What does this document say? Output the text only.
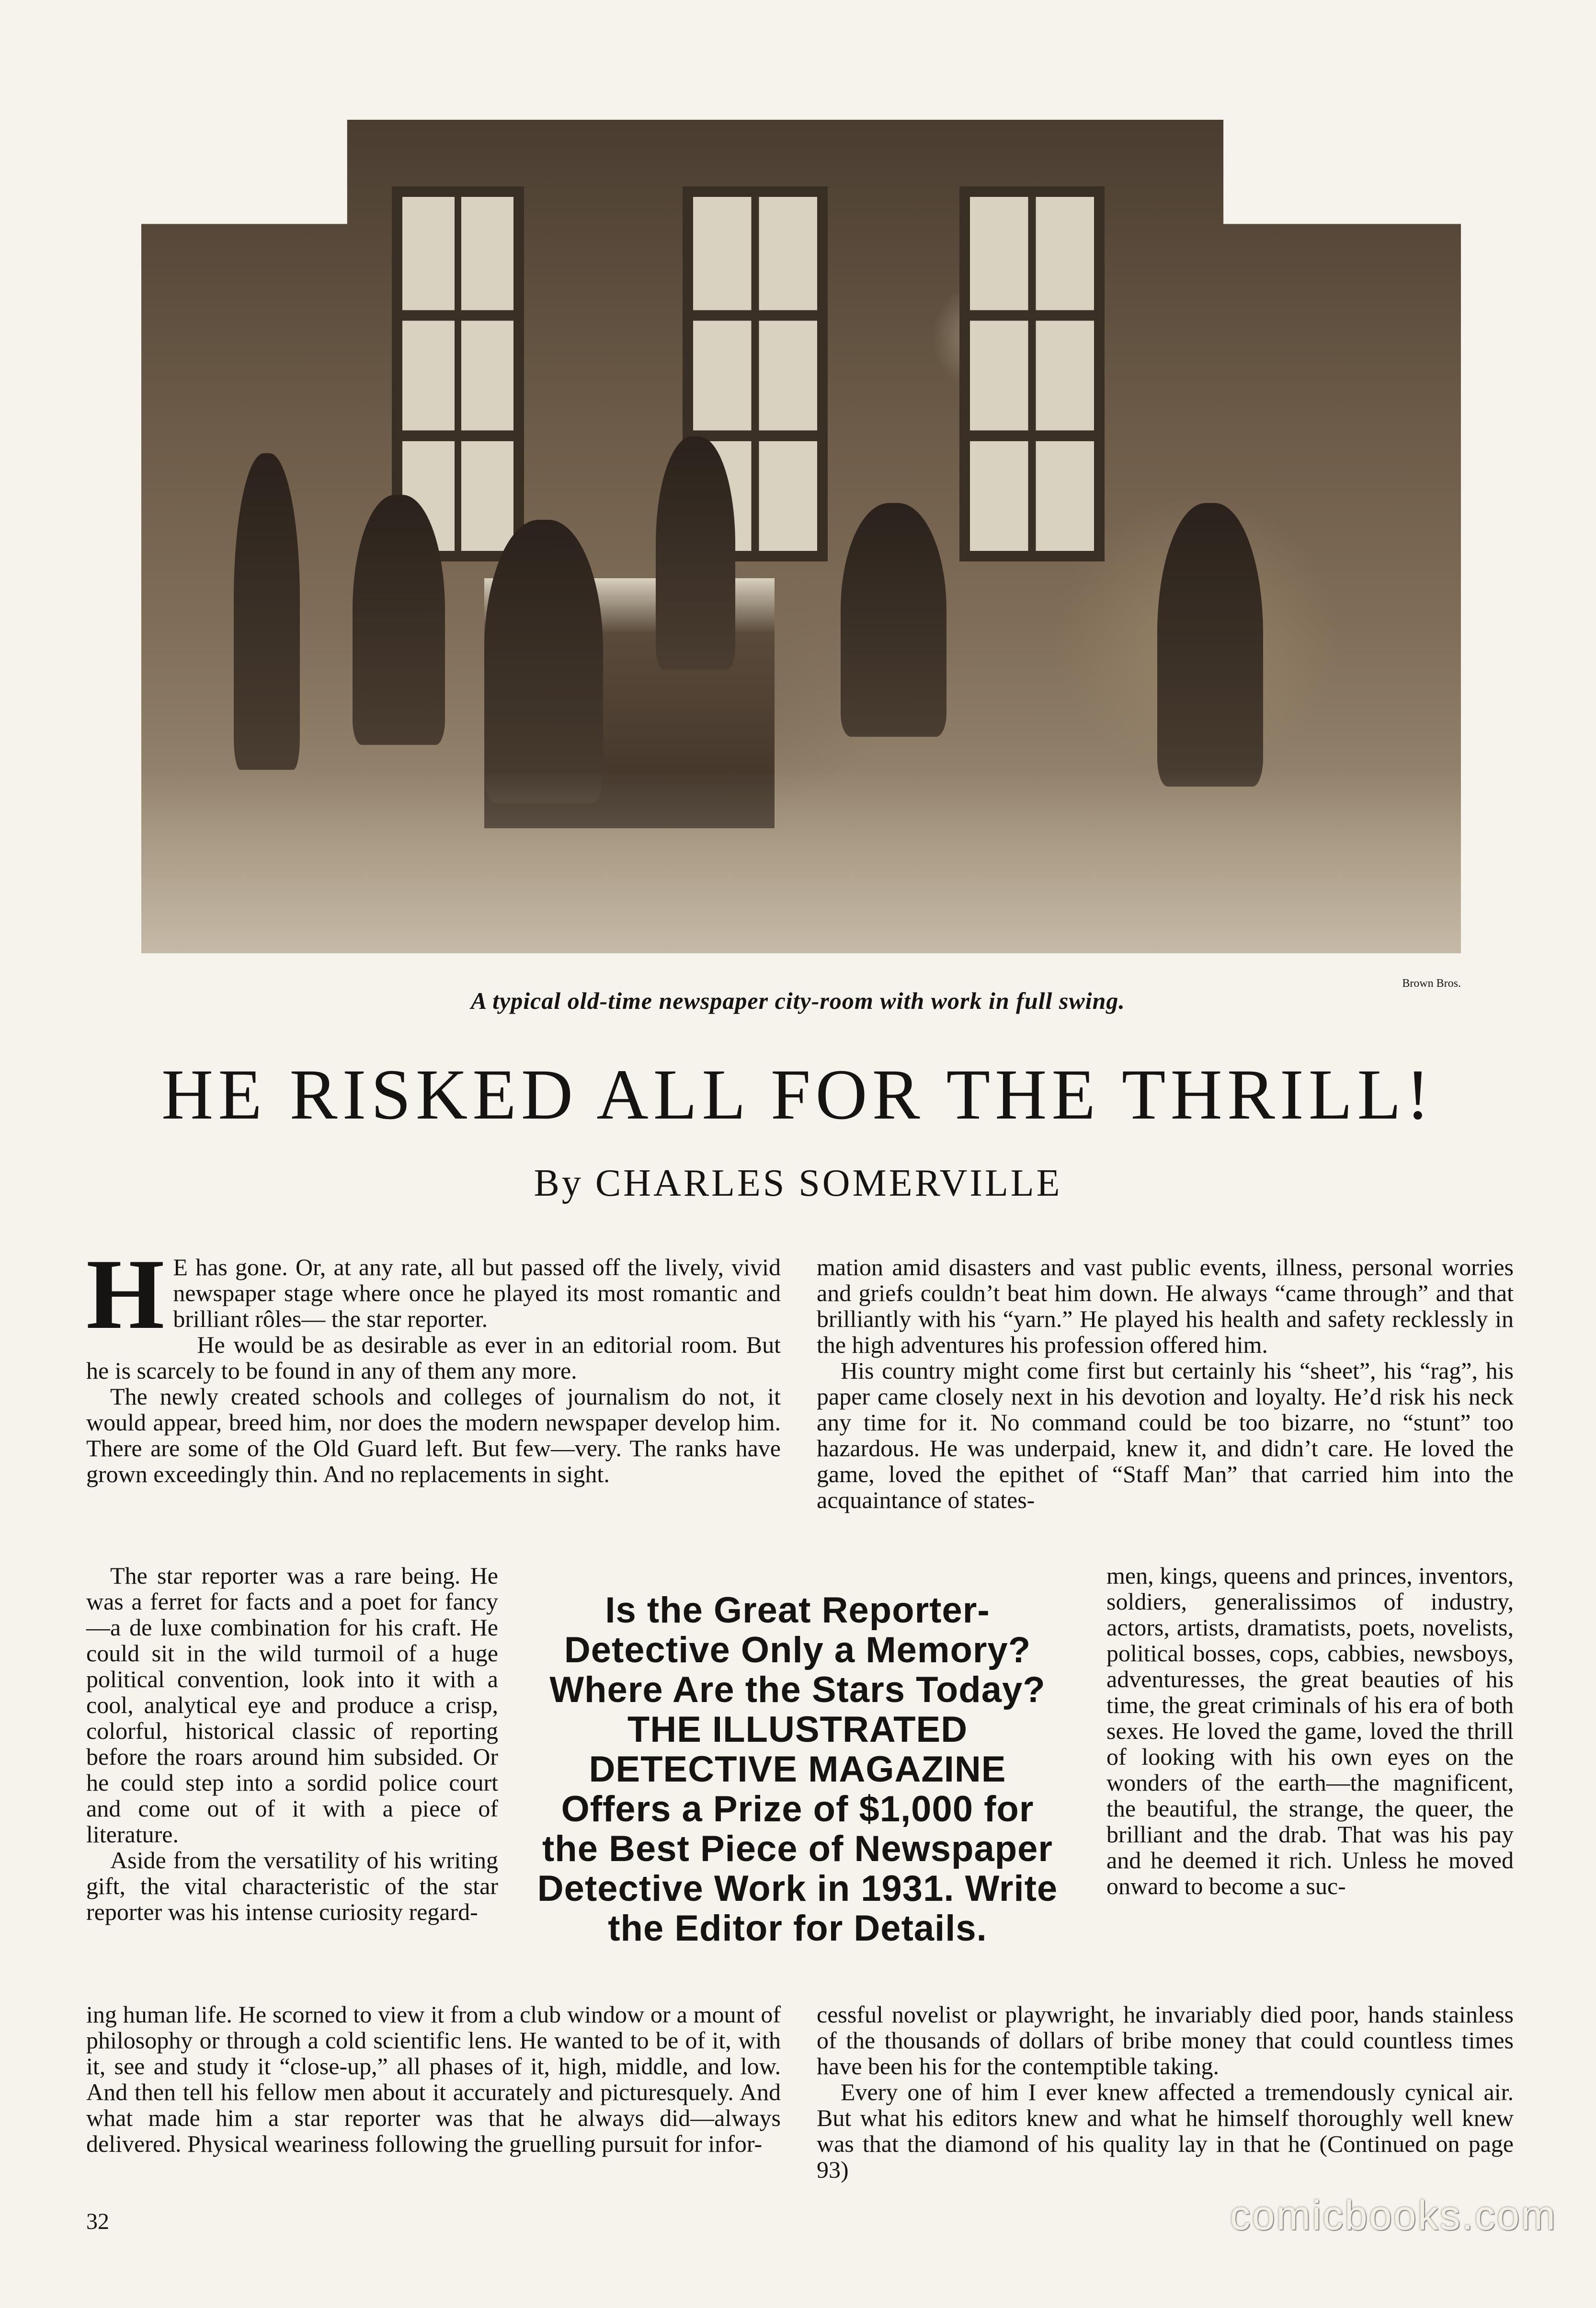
Brown Bros.
A typical old-time newspaper city-room with work in full swing.
HE RISKED ALL FOR THE THRILL!
By CHARLES SOMERVILLE

H E has gone. Or, at any rate, all but passed off the lively, vivid newspaper stage where once he played its most romantic and brilliant rôles— the star reporter.

He would be as desirable as ever in an editorial room. But he is scarcely to be found in any of them any more.

The newly created schools and colleges of journalism do not, it would appear, breed him, nor does the modern newspaper develop him. There are some of the Old Guard left. But few—very. The ranks have grown exceedingly thin. And no replacements in sight.

The star reporter was a rare being. He was a ferret for facts and a poet for fancy—a de luxe combination for his craft. He could sit in the wild turmoil of a huge political convention, look into it with a cool, analytical eye and produce a crisp, colorful, historical classic of reporting before the roars around him subsided. Or he could step into a sordid police court and come out of it with a piece of literature.

Aside from the versatility of his writing gift, the vital characteristic of the star reporter was his intense curiosity regard-

ing human life. He scorned to view it from a club window or a mount of philosophy or through a cold scientific lens. He wanted to be of it, with it, see and study it “close-up,” all phases of it, high, middle, and low. And then tell his fellow men about it accurately and picturesquely. And what made him a star reporter was that he always did—always delivered. Physical weariness following the gruelling pursuit for infor-

mation amid disasters and vast public events, illness, personal worries and griefs couldn’t beat him down. He always “came through” and that brilliantly with his “yarn.” He played his health and safety recklessly in the high adventures his profession offered him.

His country might come first but certainly his “sheet”, his “rag”, his paper came closely next in his devotion and loyalty. He’d risk his neck any time for it. No command could be too bizarre, no “stunt” too hazardous. He was underpaid, knew it, and didn’t care. He loved the game, loved the epithet of “Staff Man” that carried him into the acquaintance of states-

men, kings, queens and princes, inventors, soldiers, generalissimos of industry, actors, artists, dramatists, poets, novelists, political bosses, cops, cabbies, newsboys, adventuresses, the great beauties of his time, the great criminals of his era of both sexes. He loved the game, loved the thrill of looking with his own eyes on the wonders of the earth—the magnificent, the beautiful, the strange, the queer, the brilliant and the drab. That was his pay and he deemed it rich. Unless he moved onward to become a suc-

cessful novelist or playwright, he invariably died poor, hands stainless of the thousands of dollars of bribe money that could countless times have been his for the contemptible taking.

Every one of him I ever knew affected a tremendously cynical air. But what his editors knew and what he himself thoroughly well knew was that the diamond of his quality lay in that he (Continued on page 93)

Is the Great Reporter-Detective Only a Memory? Where Are the Stars Today? THE ILLUSTRATED DETECTIVE MAGAZINE Offers a Prize of $1,000 for the Best Piece of Newspaper Detective Work in 1931. Write the Editor for Details.
32	comicbooks.com
